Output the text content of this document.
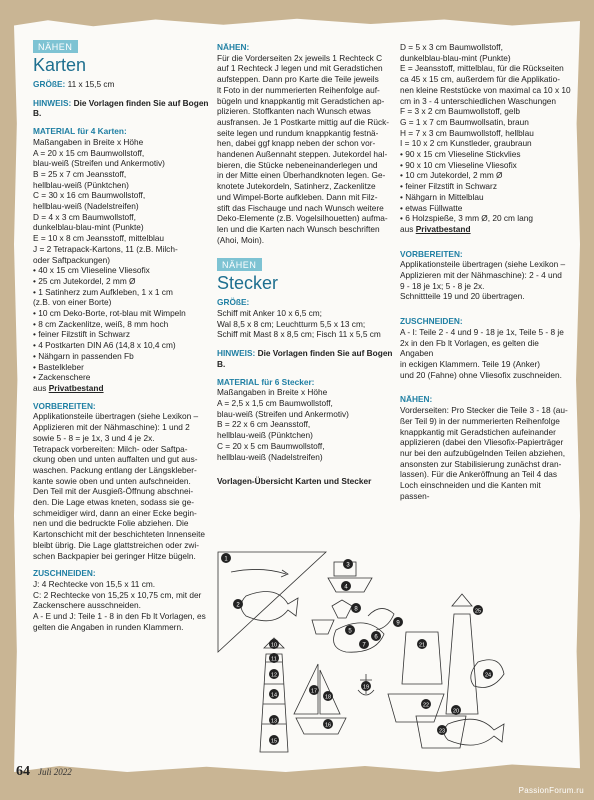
NÄHEN
Karten

GRÖßE: 11 x 15,5 cm

HINWEIS: Die Vorlagen finden Sie auf Bogen B.

MATERIAL für 4 Karten:

Maßangaben in Breite x Höhe
A = 20 x 15 cm Baumwollstoff,
blau-weiß (Streifen und Ankermotiv)
B = 25 x 7 cm Jeansstoff,
hellblau-weiß (Pünktchen)
C = 30 x 16 cm Baumwollstoff,
hellblau-weiß (Nadelstreifen)
D = 4 x 3 cm Baumwollstoff,
dunkelblau-blau-mint (Punkte)
E = 10 x 8 cm Jeansstoff, mittelblau
J = 2 Tetrapack-Kartons, 11 (z.B. Milch-
oder Saftpackungen)
• 40 x 15 cm Vlieseline Vliesofix
• 25 cm Jutekordel, 2 mm Ø
• 1 Satinherz zum Aufkleben, 1 x 1 cm
(z.B. von einer Borte)
• 10 cm Deko-Borte, rot-blau mit Wimpeln
• 8 cm Zackenlitze, weiß, 8 mm hoch
• feiner Filzstift in Schwarz
• 4 Postkarten DIN A6 (14,8 x 10,4 cm)
• Nähgarn in passenden Fb
• Bastelkleber
• Zackenschere

aus Privatbestand

VORBEREITEN:

Applikationsteile übertragen (siehe Lexikon –
Applizieren mit der Nähmaschine): 1 und 2
sowie 5 - 8 = je 1x, 3 und 4 je 2x.
Tetrapack vorbereiten: Milch- oder Saftpa-
ckung oben und unten auffalten und gut aus-
waschen. Packung entlang der Längskleber-
kante sowie oben und unten aufschneiden.
Den Teil mit der Ausgieß-Öffnung abschnei-
den. Die Lage etwas kneten, sodass sie ge-
schmeidiger wird, dann an einer Ecke begin-
nen und die bedruckte Folie abziehen. Die
Kartonschicht mit der beschichteten Innenseite
bleibt übrig. Die Lage glattstreichen oder zwi-
schen Backpapier bei geringer Hitze bügeln.

ZUSCHNEIDEN:

J: 4 Rechtecke von 15,5 x 11 cm.
C: 2 Rechtecke von 15,25 x 10,75 cm, mit der
Zackenschere ausschneiden.
A - E und J: Teile 1 - 8 in den Fb lt Vorlagen, es
gelten die Angaben in runden Klammern.

NÄHEN:

Für die Vorderseiten 2x jeweils 1 Rechteck C
auf 1 Rechteck J legen und mit Geradstichen
aufsteppen. Dann pro Karte die Teile jeweils
lt Foto in der nummerierten Reihenfolge auf-
bügeln und knappkantig mit Geradstichen ap-
plizieren. Stoffkanten nach Wunsch etwas
ausfransen. Je 1 Postkarte mittig auf die Rück-
seite legen und rundum knappkantig festnä-
hen, dabei ggf knapp neben der schon vor-
handenen Außennaht steppen. Jutekordel hal-
bieren, die Stücke nebeneinanderlegen und
in der Mitte einen Überhandknoten legen. Ge-
knotete Jutekordeln, Satinherz, Zackenlitze
und Wimpel-Borte aufkleben. Dann mit Filz-
stift das Fischauge und nach Wunsch weitere
Deko-Elemente (z.B. Vogelsilhouetten) aufma-
len und die Karten nach Wunsch beschriften
(Ahoi, Moin).
NÄHEN
Stecker

GRÖßE:
Schiff mit Anker 10 x 6,5 cm;
Wal 8,5 x 8 cm; Leuchtturm 5,5 x 13 cm;
Schiff mit Mast 8 x 8,5 cm; Fisch 11 x 5,5 cm

HINWEIS: Die Vorlagen finden Sie auf Bogen B.

MATERIAL für 6 Stecker:

Maßangaben in Breite x Höhe
A = 2,5 x 1,5 cm Baumwollstoff,
blau-weiß (Streifen und Ankermotiv)
B = 22 x 6 cm Jeansstoff,
hellblau-weiß (Pünktchen)
C = 20 x 5 cm Baumwollstoff,
hellblau-weiß (Nadelstreifen)

Vorlagen-Übersicht Karten und Stecker

D = 5 x 3 cm Baumwollstoff,
dunkelblau-blau-mint (Punkte)
E = Jeansstoff, mittelblau, für die Rückseiten
ca 45 x 15 cm, außerdem für die Applikatio-
nen kleine Reststücke von maximal ca 10 x 10
cm in 3 - 4 unterschiedlichen Waschungen
F = 3 x 2 cm Baumwollstoff, gelb
G = 1 x 7 cm Baumwollsatin, braun
H = 7 x 3 cm Baumwollstoff, hellblau
I = 10 x 2 cm Kunstleder, graubraun
• 90 x 15 cm Vlieseline Stickvlies
• 90 x 10 cm Vlieseline Vliesofix
• 10 cm Jutekordel, 2 mm Ø
• feiner Filzstift in Schwarz
• Nähgarn in Mittelblau
• etwas Füllwatte
• 6 Holzspieße, 3 mm Ø, 20 cm lang

aus Privatbestand

VORBEREITEN:

Applikationsteile übertragen (siehe Lexikon –
Applizieren mit der Nähmaschine): 2 - 4 und
9 - 18 je 1x; 5 - 8 je 2x.
Schnittteile 19 und 20 übertragen.

ZUSCHNEIDEN:

A - I: Teile 2 - 4 und 9 - 18 je 1x, Teile 5 - 8 je
2x in den Fb lt Vorlagen, es gelten die Angaben
in eckigen Klammern. Teile 19 (Anker)
und 20 (Fahne) ohne Vliesofix zuschneiden.

NÄHEN:

Vorderseiten: Pro Stecker die Teile 3 - 18 (au-
ßer Teil 9) in der nummerierten Reihenfolge
knappkantig mit Geradstichen aufeinander
applizieren (dabei den Vliesofix-Papierträger
nur bei den aufzubügelnden Teilen abziehen,
ansonsten zur Stabilisierung zunächst dran-
lassen). Für die Ankeröffnung an Teil 4 das
Loch einschneiden und die Kanten mit passen-
1
2
3
4
5
6
7
8
9
10
11
12
13
14
15
16
17
18
19
20
21
22
23
24
25
64 Juli 2022
PassionForum.ru
